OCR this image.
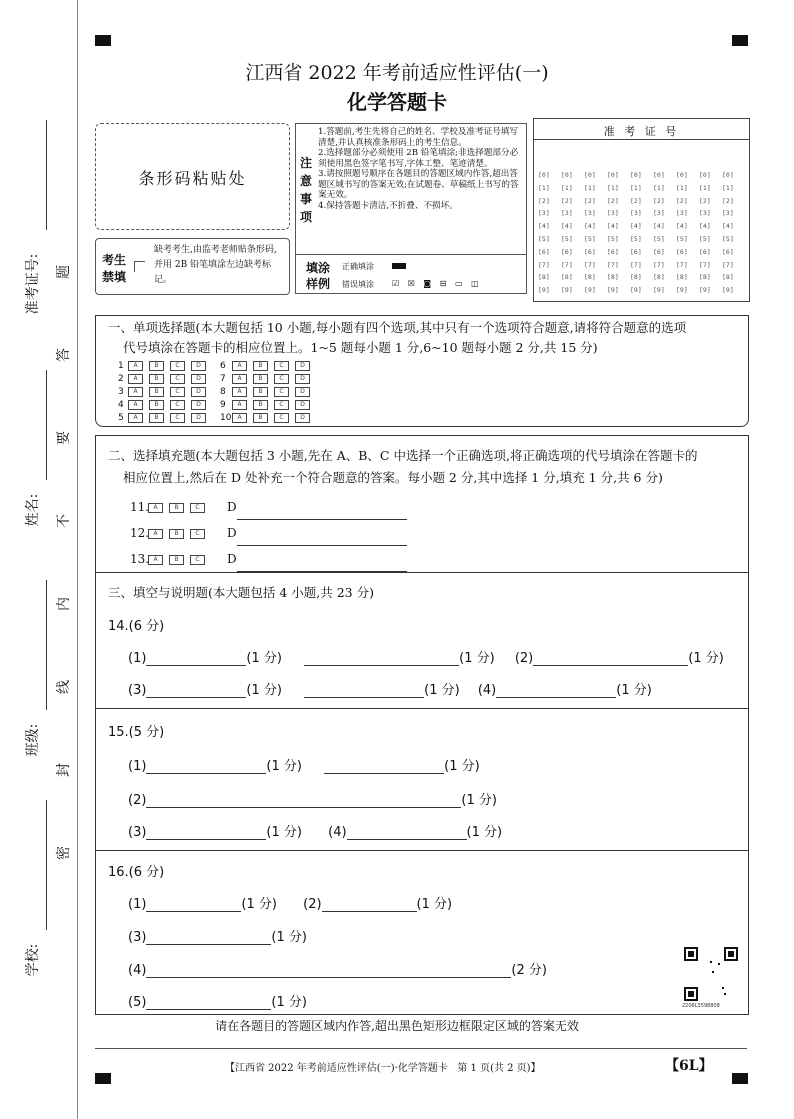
准考证号:
姓名:
班级:
学校:
题
答
要
不
内
线
封
密
江西省 2022 年考前适应性评估(一)
化学答题卡
条形码粘贴处
考生
禁填
缺考考生,由监考老师贴条形码,并用 2B 铅笔填涂左边缺考标记。
注
意
事
项
1.答题前,考生先将自己的姓名、学校及准考证号填写清楚,并认真核准条形码上的考生信息。
2.选择题部分必须使用 2B 铅笔填涂;非选择题部分必须使用黑色签字笔书写,字体工整、笔迹清楚。
3.请按照题号顺序在各题目的答题区域内作答,超出答题区域书写的答案无效;在试题卷、草稿纸上书写的答案无效。
4.保持答题卡清洁,不折叠、不损坏。
填涂
样例
正确填涂
错误填涂 ☑ ☒ ◙ ⊟ ▭ ◫
准 考 证 号
[0] [0] [0] [0] [0] [0] [0] [0] [0]
[1] [1] [1] [1] [1] [1] [1] [1] [1]
[2] [2] [2] [2] [2] [2] [2] [2] [2]
[3] [3] [3] [3] [3] [3] [3] [3] [3]
[4] [4] [4] [4] [4] [4] [4] [4] [4]
[5] [5] [5] [5] [5] [5] [5] [5] [5]
[6] [6] [6] [6] [6] [6] [6] [6] [6]
[7] [7] [7] [7] [7] [7] [7] [7] [7]
[8] [8] [8] [8] [8] [8] [8] [8] [8]
[9] [9] [9] [9] [9] [9] [9] [9] [9]
一、单项选择题(本大题包括 10 小题,每小题有四个选项,其中只有一个选项符合题意,请将符合题意的选项
代号填涂在答题卡的相应位置上。1~5 题每小题 1 分,6~10 题每小题 2 分,共 15 分)
1 A	B	C	D 6 A	B	C	D
2 A	B	C	D 7 A	B	C	D
3 A	B	C	D 8 A	B	C	D
4 A	B	C	D 9 A	B	C	D
5 A	B	C	D 10 A	B	C	D
二、选择填充题(本大题包括 3 小题,先在 A、B、C 中选择一个正确选项,将正确选项的代号填涂在答题卡的
相应位置上,然后在 D 处补充一个符合题意的答案。每小题 2 分,其中选择 1 分,填充 1 分,共 6 分)
11. A	B	C D
12. A	B	C D
13. A	B	C D
三、填空与说明题(本大题包括 4 小题,共 23 分)
14.(6 分)
(1)	(1 分)	(1 分) (2)	(1 分)
(3)	(1 分)	(1 分) (4)	(1 分)
15.(5 分)
(1)	(1 分)	(1 分)
(2)	(1 分)
(3)	(1 分) (4)	(1 分)
16.(6 分)
(1)	(1 分) (2)	(1 分)
(3)	(1 分)
(4)	(2 分)
(5)	(1 分)	2206L3598808
请在各题目的答题区域内作答,超出黑色矩形边框限定区域的答案无效
【江西省 2022 年考前适应性评估(一)·化学答题卡 第 1 页(共 2 页)】	【6L】
